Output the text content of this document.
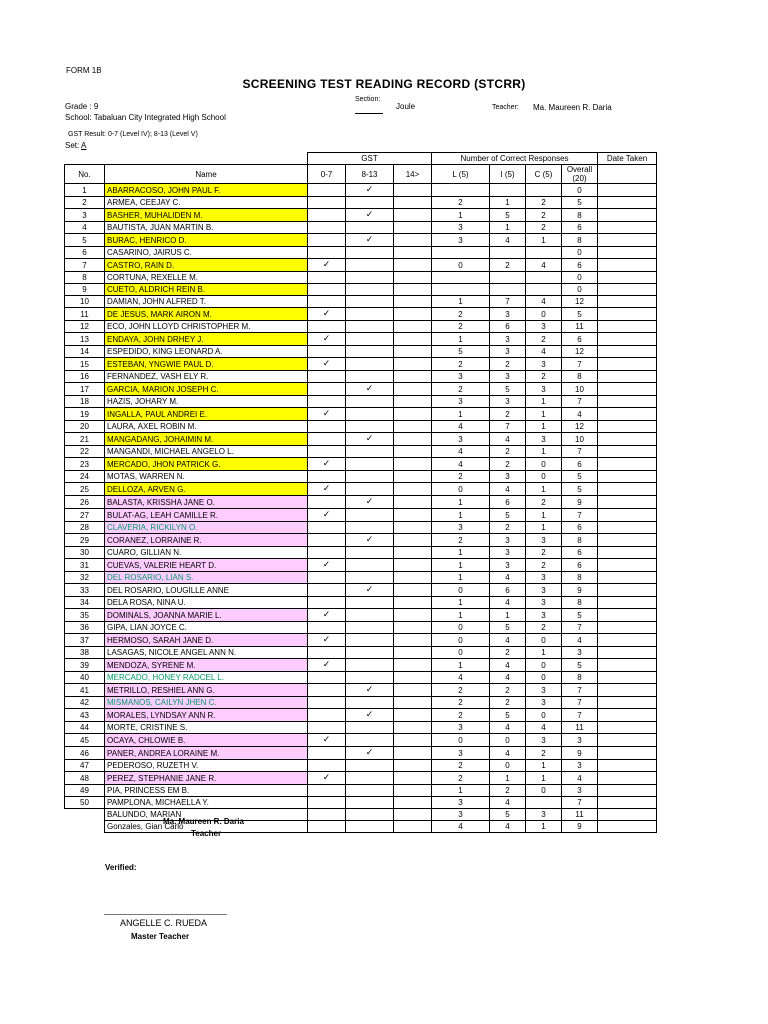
FORM 1B
SCREENING TEST READING RECORD (STCRR)
Grade : 9
School: Tabaluan City Integrated High School
Section:
Joule	Teacher: Ma. Maureen R. Daria
GST Result: 0-7 (Level IV); 8-13 (Level V)
Set: A
		GST			Number of Correct Responses				Date Taken
No.	Name	0-7	8-13	14>	L (5)	I (5)	C (5)	Overall (20)	
1	ABARRACOSO, JOHN PAUL F.		✓					0	
2	ARMEA, CEEJAY C.				2	1	2	5	
3	BASHER, MUHALIDEN M.		✓		1	5	2	8	
4	BAUTISTA, JUAN MARTIN B.				3	1	2	6	
5	BURAC, HENRICO D.		✓		3	4	1	8	
6	CASARINO, JAIRUS C.							0	
7	CASTRO, RAIN D.	✓			0	2	4	6	
8	CORTUNA, REXELLE M.							0	
9	CUETO, ALDRICH REIN B.							0	
10	DAMIAN, JOHN ALFRED T.				1	7	4	12	
11	DE JESUS, MARK AIRON M.	✓			2	3	0	5	
12	ECO, JOHN LLOYD CHRISTOPHER M.				2	6	3	11	
13	ENDAYA, JOHN DRHEY J.	✓			1	3	2	6	
14	ESPEDIDO, KING LEONARD A.				5	3	4	12	
15	ESTEBAN, YNGWIE PAUL D.	✓			2	2	3	7	
16	FERNANDEZ, VASH ELY R.				3	3	2	8	
17	GARCIA, MARION JOSEPH C.		✓		2	5	3	10	
18	HAZIS, JOHARY M.				3	3	1	7	
19	INGALLA, PAUL ANDREI E.	✓			1	2	1	4	
20	LAURA, AXEL ROBIN M.				4	7	1	12	
21	MANGADANG, JOHAIMIN M.		✓		3	4	3	10	
22	MANGANDI, MICHAEL ANGELO L.				4	2	1	7	
23	MERCADO, JHON PATRICK G.	✓			4	2	0	6	
24	MOTAS, WARREN N.				2	3	0	5	
25	DELLOZA, ARVEN G.	✓			0	4	1	5	
26	BALASTA, KRISSHA JANE O.		✓		1	6	2	9	
27	BULAT-AG, LEAH CAMILLE R.	✓			1	5	1	7	
28	CLAVERIA, RICKILYN O.				3	2	1	6	
29	CORANEZ, LORRAINE R.		✓		2	3	3	8	
30	CUARO, GILLIAN N.				1	3	2	6	
31	CUEVAS, VALERIE HEART D.	✓			1	3	2	6	
32	DEL ROSARIO, LIAN S.				1	4	3	8	
33	DEL ROSARIO, LOUGILLE ANNE		✓		0	6	3	9	
34	DELA ROSA, NINA U.				1	4	3	8	
35	DOMINALS, JOANNA MARIE L.	✓			1	1	3	5	
36	GIPA, LIAN JOYCE C.				0	5	2	7	
37	HERMOSO, SARAH JANE D.	✓			0	4	0	4	
38	LASAGAS, NICOLE ANGEL ANN N.				0	2	1	3	
39	MENDOZA, SYRENE M.	✓			1	4	0	5	
40	MERCADO, HONEY RADCEL L.				4	4	0	8	
41	METRILLO, RESHIEL ANN G.		✓		2	2	3	7	
42	MISMANOS, CAILYN JHEN C.				2	2	3	7	
43	MORALES, LYNDSAY ANN R.		✓		2	5	0	7	
44	MORTE, CRISTINE S.				3	4	4	11	
45	OCAYA, CHLOWIE B.	✓			0	0	3	3	
46	PANER, ANDREA LORAINE M.		✓		3	4	2	9	
47	PEDEROSO, RUZETH V.				2	0	1	3	
48	PEREZ, STEPHANIE JANE R.	✓			2	1	1	4	
49	PIA, PRINCESS EM B.				1	2	0	3	
50	PAMPLONA, MICHAELLA Y.				3	4		7	
	BALUNDO, MARIAN				3	5	3	11	
	Gonzales, Gian Carlo				4	4	1	9	
Ma. Maureen R. Daria
Teacher
Verified:
ANGELLE C. RUEDA
Master Teacher
